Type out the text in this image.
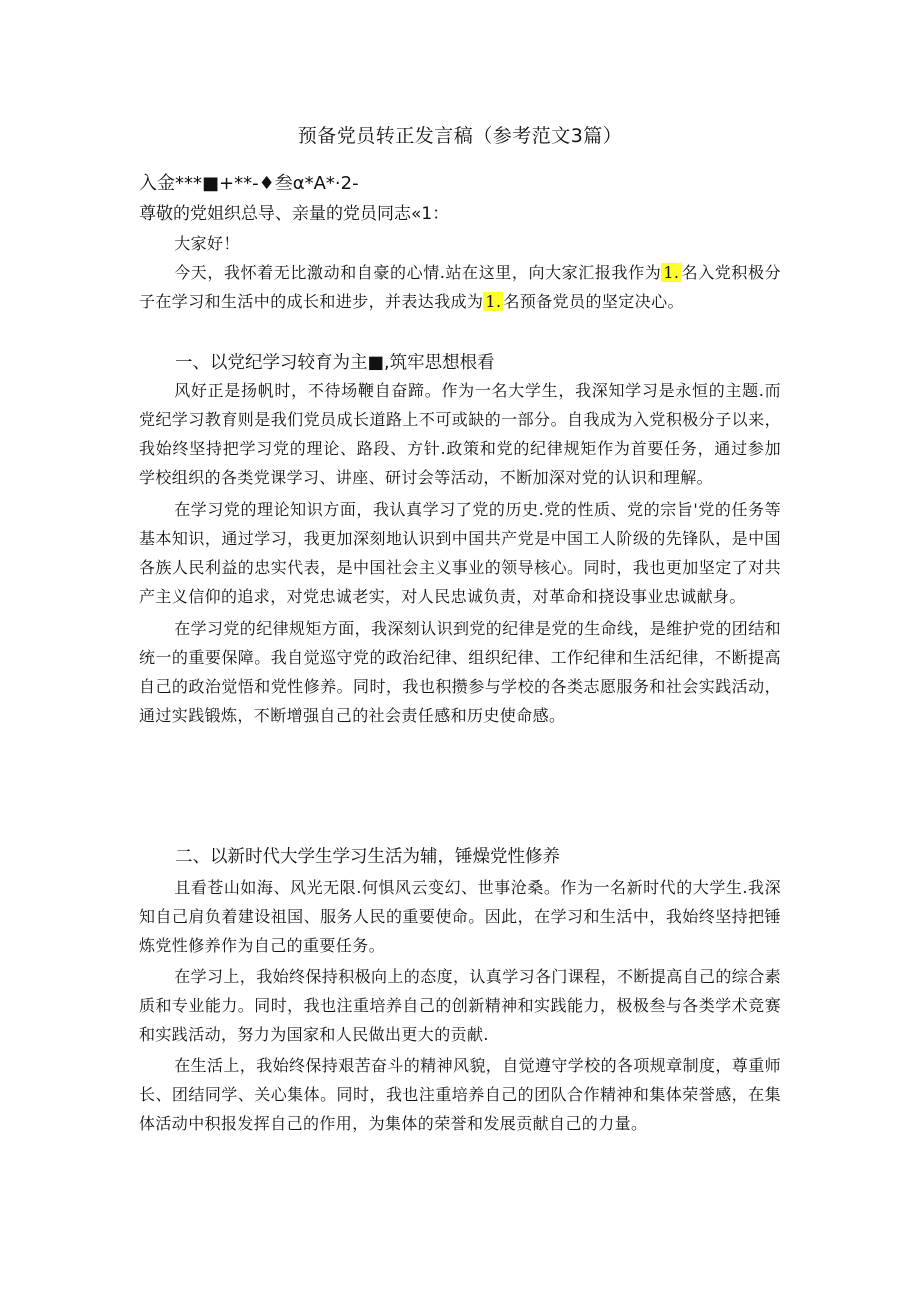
预备党员转正发言稿（参考范文3篇）
入金***■+**-♦叁α*A*·2-
尊敬的党姐织总导、亲量的党员同志«1：

大家好！

今天，我怀着无比激动和自豪的心情.站在这里，向大家汇报我作为 1. 名入党积极分子在学习和生活中的成长和进步，并表达我成为 1. 名预备党员的坚定决心。

一、以党纪学习较育为主■,筑牢思想根看

风好正是扬帆时，不待场鞭自奋蹄。作为一名大学生，我深知学习是永恒的主题.而党纪学习教育则是我们党员成长道路上不可或缺的一部分。自我成为入党积极分子以来，我始终坚持把学习党的理论、路段、方针.政策和党的纪律规矩作为首要任务，通过参加学校组织的各类党课学习、讲座、研讨会等活动，不断加深对党的认识和理解。

在学习党的理论知识方面，我认真学习了党的历史.党的性质、党的宗旨'党的任务等基本知识，通过学习，我更加深刻地认识到中国共产党是中国工人阶级的先锋队，是中国各族人民利益的忠实代表，是中国社会主义事业的领导核心。同时，我也更加坚定了对共产主义信仰的追求，对党忠诚老实，对人民忠诚负责，对革命和挠设事业忠诚献身。

在学习党的纪律规矩方面，我深刻认识到党的纪律是党的生命线，是维护党的团结和统一的重要保障。我自觉巡守党的政治纪律、组织纪律、工作纪律和生活纪律，不断提高自己的政治觉悟和党性修养。同时，我也积攒参与学校的各类志愿服务和社会实践活动，通过实践锻炼，不断增强自己的社会责任感和历史使命感。

二、以新时代大学生学习生活为辅，锤燥党性修养

且看苍山如海、风光无限.何惧风云变幻、世事沧桑。作为一名新时代的大学生.我深知自己肩负着建设祖国、服务人民的重要使命。因此，在学习和生活中，我始终坚持把锤炼党性修养作为自己的重要任务。

在学习上，我始终保持积极向上的态度，认真学习各门课程，不断提高自己的综合素质和专业能力。同时，我也注重培养自己的创新精神和实践能力，极极叁与各类学术竞赛和实践活动，努力为国家和人民做出更大的贡献.

在生活上，我始终保持艰苦奋斗的精神风貌，自觉遵守学校的各项规章制度，尊重师长、团结同学、关心集体。同时，我也注重培养自己的团队合作精神和集体荣誉感，在集体活动中积报发挥自己的作用，为集体的荣誉和发展贡献自己的力量。
